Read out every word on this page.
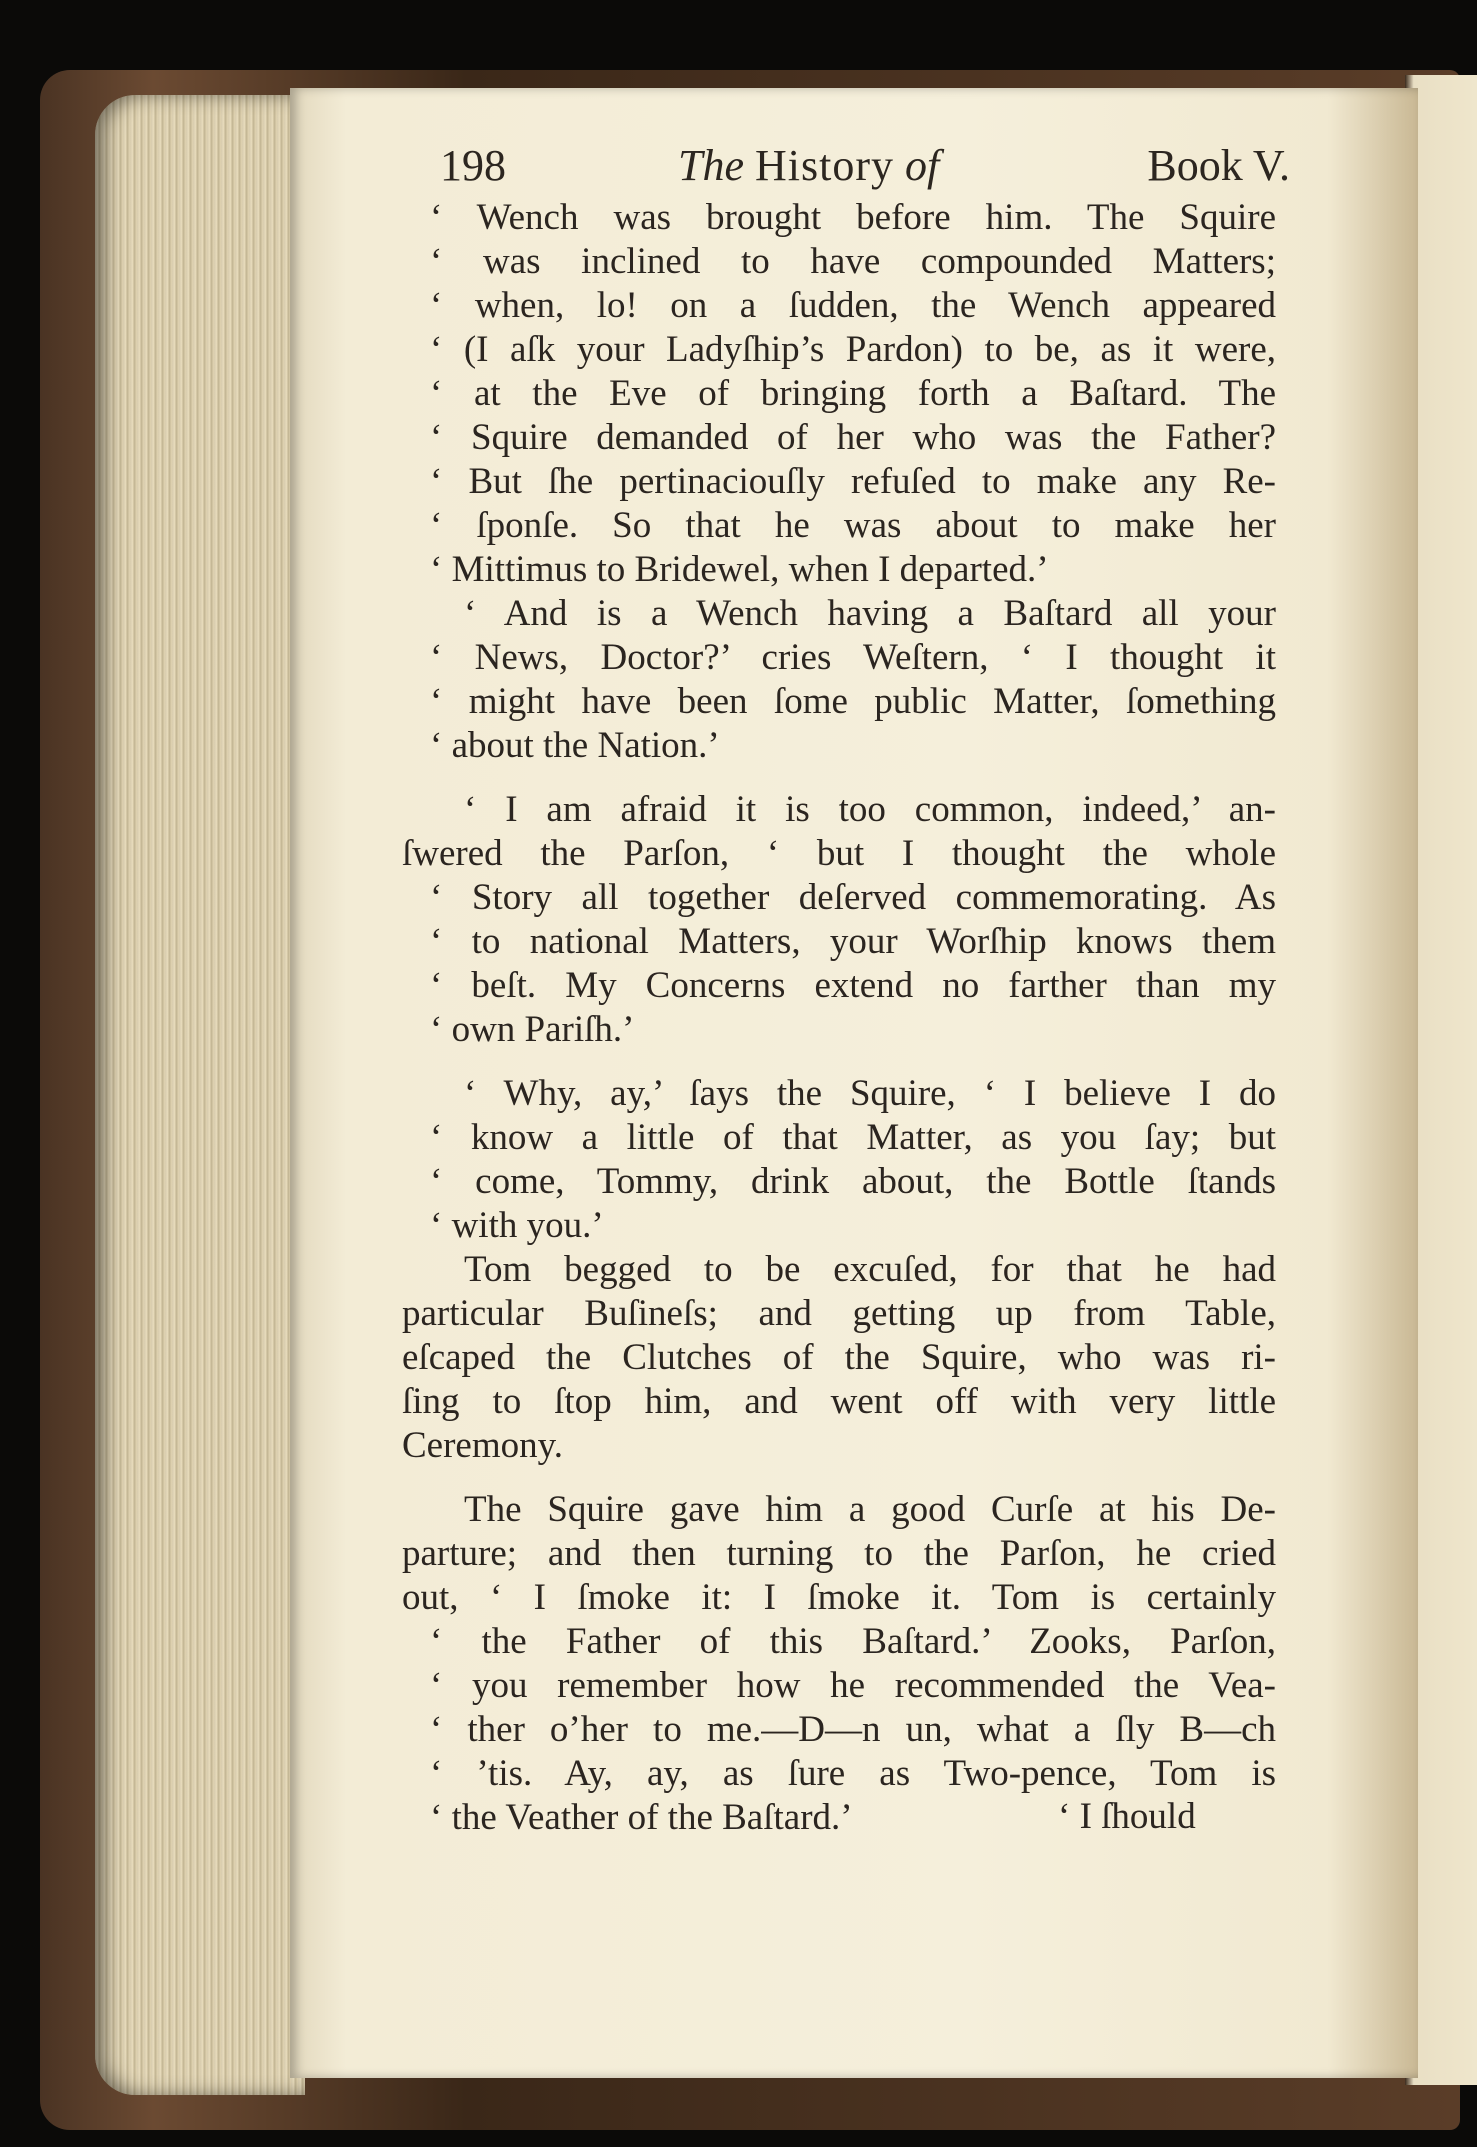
198	The History of	Book V.
‘ Wench was brought before him. The Squire
‘ was inclined to have compounded Matters;
‘ when, lo! on a ſudden, the Wench appeared
‘ (I aſk your Ladyſhip’s Pardon) to be, as it were,
‘ at the Eve of bringing forth a Baſtard. The
‘ Squire demanded of her who was the Father?
‘ But ſhe pertinaciouſly refuſed to make any Re-
‘ ſponſe. So that he was about to make her
‘ Mittimus to Bridewel, when I departed.’
‘ And is a Wench having a Baſtard all your
‘ News, Doctor?’ cries Weſtern, ‘ I thought it
‘ might have been ſome public Matter, ſomething
‘ about the Nation.’
‘ I am afraid it is too common, indeed,’ an-
ſwered the Parſon, ‘ but I thought the whole
‘ Story all together deſerved commemorating. As
‘ to national Matters, your Worſhip knows them
‘ beſt. My Concerns extend no farther than my
‘ own Pariſh.’
‘ Why, ay,’ ſays the Squire, ‘ I believe I do
‘ know a little of that Matter, as you ſay; but
‘ come, Tommy, drink about, the Bottle ſtands
‘ with you.’
Tom begged to be excuſed, for that he had
particular Buſineſs; and getting up from Table,
eſcaped the Clutches of the Squire, who was ri-
ſing to ſtop him, and went off with very little
Ceremony.
The Squire gave him a good Curſe at his De-
parture; and then turning to the Parſon, he cried
out, ‘ I ſmoke it: I ſmoke it. Tom is certainly
‘ the Father of this Baſtard.’ Zooks, Parſon,
‘ you remember how he recommended the Vea-
‘ ther o’her to me.—D—n un, what a ſly B—ch
‘ ’tis. Ay, ay, as ſure as Two-pence, Tom is
‘ the Veather of the Baſtard.’	‘ I ſhould
